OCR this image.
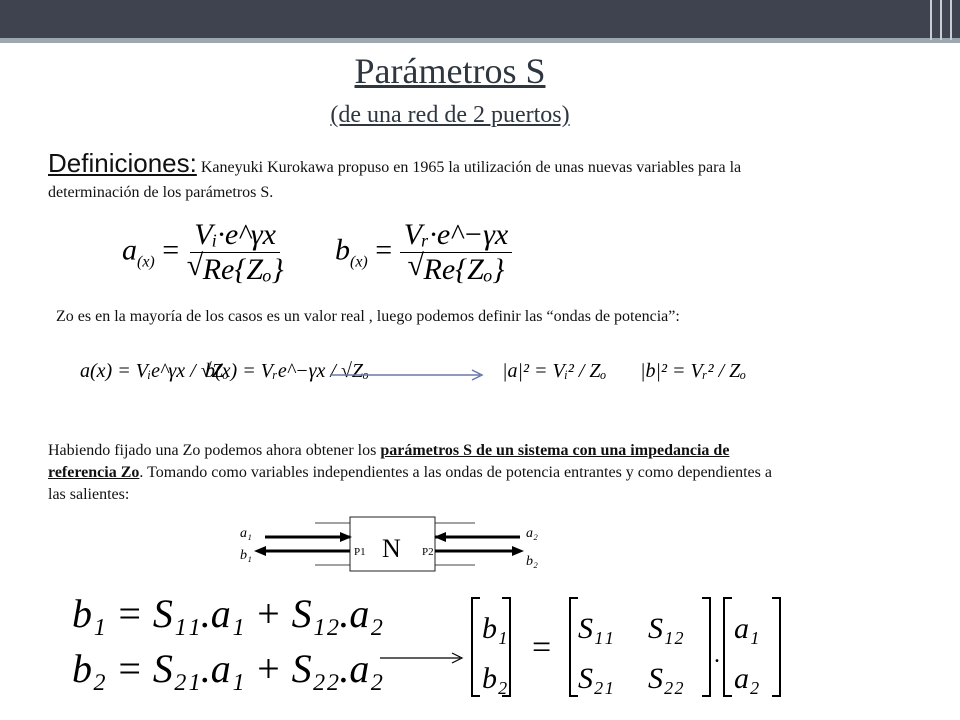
Parámetros S
(de una red de 2 puertos)
Definiciones: Kaneyuki Kurokawa propuso en 1965 la utilización de unas nuevas variables para la
determinación de los parámetros S.
$a_{(x)}$ = Vᵢ·e^γx
√ Re{Zₒ} $b_{(x)}$ = Vᵣ·e^−γx
√ Re{Zₒ}
Zo es en la mayoría de los casos es un valor real , luego podemos definir las “ondas de potencia”:
a(x) = Vᵢe^γx / √Zₒ
b(x) = Vᵣe^−γx / √Zₒ	|a|² = Vᵢ² / Zₒ |b|² = Vᵣ² / Zₒ
Habiendo fijado una Zo podemos ahora obtener los parámetros S de un sistema con una impedancia de
referencia Zo. Tomando como variables independientes a las ondas de potencia entrantes y como dependientes a
las salientes:
a₁
b₁
a₂
b₂
P1 N P2
b₁ = S₁₁.a₁ + S₁₂.a₂
b₂ = S₂₁.a₁ + S₂₂.a₂
b₁
b₂
=
S₁₁ S₁₂
S₂₁ S₂₂
.
a₁
a₂
